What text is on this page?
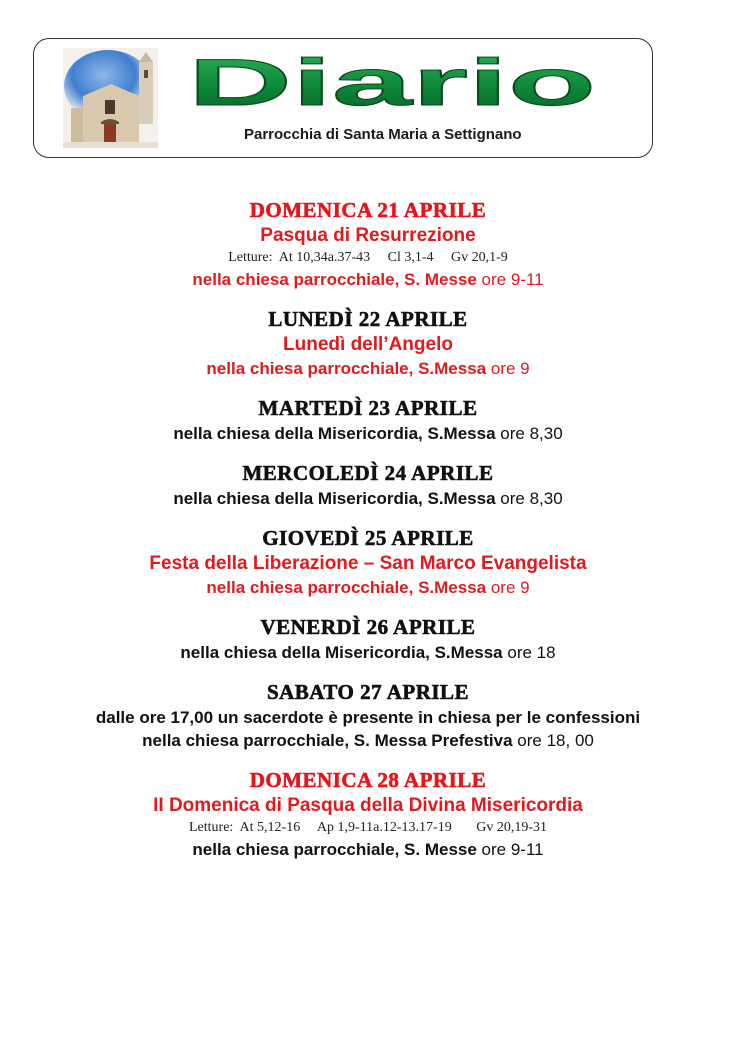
Diario
Parrocchia di Santa Maria a Settignano
DOMENICA 21 APRILE
Pasqua di Resurrezione
Letture:  At 10,34a.37-43     Cl 3,1-4     Gv 20,1-9
nella chiesa parrocchiale, S. Messe ore 9-11
LUNEDÌ 22 APRILE
Lunedì dell’Angelo
nella chiesa parrocchiale, S.Messa ore 9
MARTEDÌ 23 APRILE
nella chiesa della Misericordia, S.Messa ore 8,30
MERCOLEDÌ 24 APRILE
nella chiesa della Misericordia, S.Messa ore 8,30
GIOVEDÌ 25 APRILE
Festa della Liberazione – San Marco Evangelista
nella chiesa parrocchiale, S.Messa ore 9
VENERDÌ 26 APRILE
nella chiesa della Misericordia, S.Messa ore 18
SABATO 27 APRILE
dalle ore 17,00 un sacerdote è presente in chiesa per le confessioni
nella chiesa parrocchiale, S. Messa Prefestiva ore 18, 00
DOMENICA 28 APRILE
II Domenica di Pasqua della Divina Misericordia
Letture:  At 5,12-16     Ap 1,9-11a.12-13.17-19       Gv 20,19-31
nella chiesa parrocchiale, S. Messe ore 9-11
